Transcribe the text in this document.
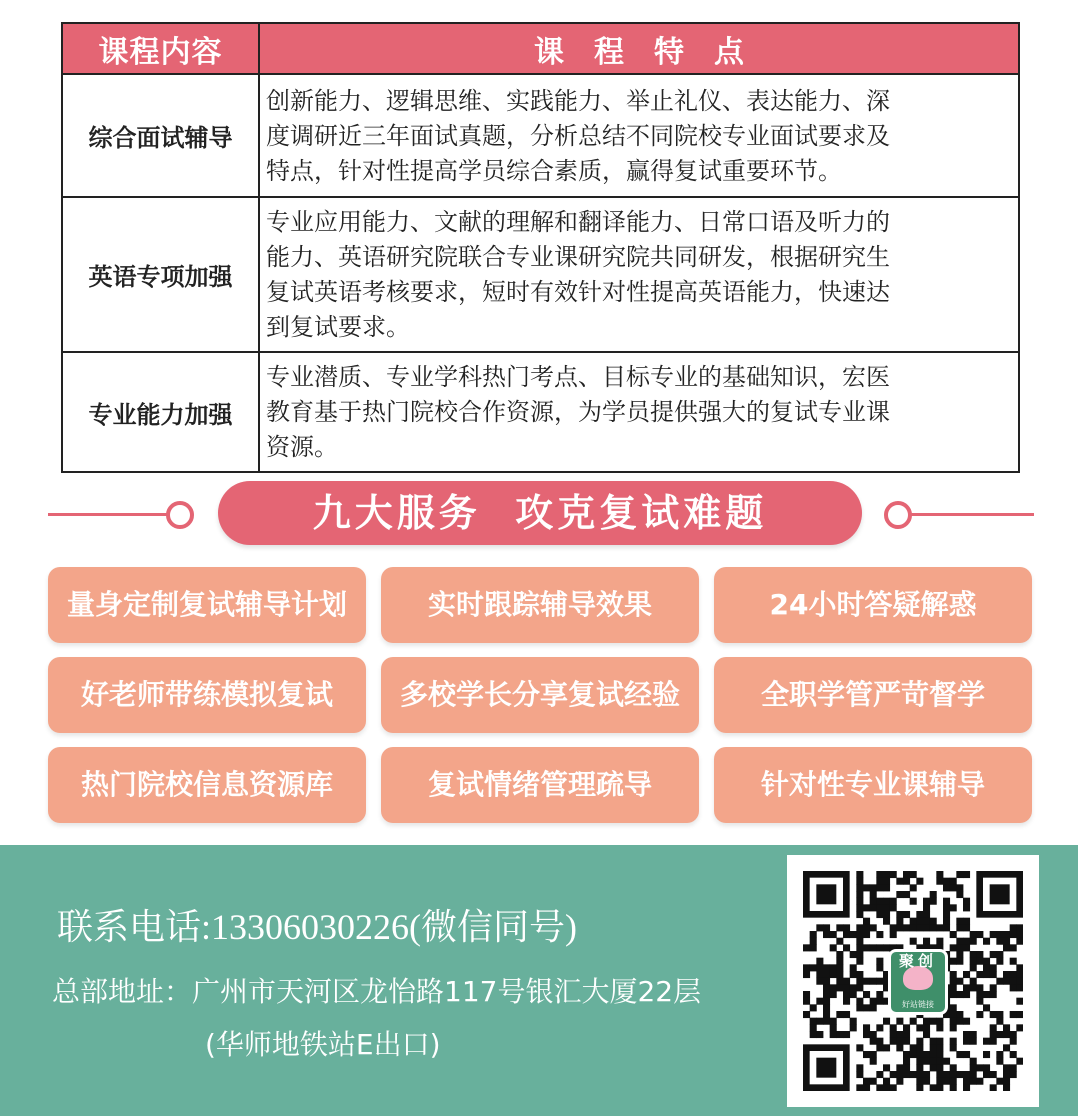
课程内容	课程特点
综合面试辅导	创新能力、逻辑思维、实践能力、举止礼仪、表达能力、深
度调研近三年面试真题，分析总结不同院校专业面试要求及
特点，针对性提高学员综合素质，赢得复试重要环节。

英语专项加强	专业应用能力、文献的理解和翻译能力、日常口语及听力的
能力、英语研究院联合专业课研究院共同研发，根据研究生
复试英语考核要求，短时有效针对性提高英语能力，快速达
到复试要求。

专业能力加强	专业潜质、专业学科热门考点、目标专业的基础知识，宏医
教育基于热门院校合作资源，为学员提供强大的复试专业课
资源。
九大服务  攻克复试难题
量身定制复试辅导计划	实时跟踪辅导效果	24小时答疑解惑
好老师带练模拟复试	多校学长分享复试经验	全职学管严苛督学
热门院校信息资源库	复试情绪管理疏导	针对性专业课辅导
联系电话:13306030226(微信同号)
总部地址：广州市天河区龙怡路117号银汇大厦22层
(华师地铁站E出口)
聚创
好站链接
